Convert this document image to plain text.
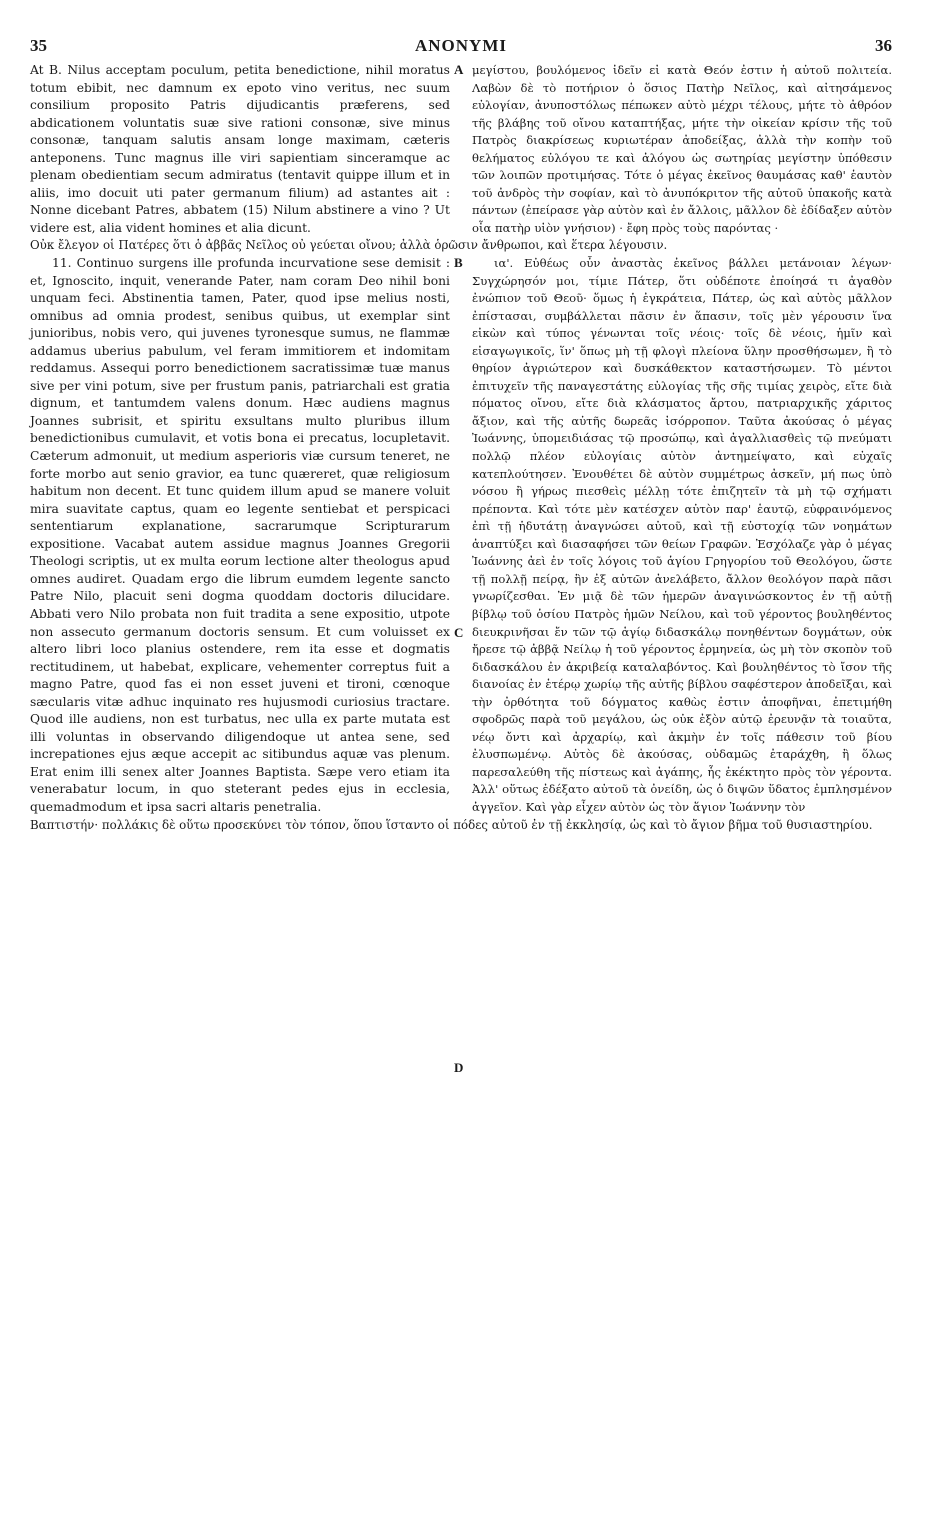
35	ANONYMI	36
A

At B. Nilus acceptam poculum, petita benedictione, nihil moratus totum ebibit, nec damnum ex epoto vino veritus, nec suum consilium proposito Patris dijudicantis præferens, sed abdicationem voluntatis suæ sive rationi consonæ, sive minus consonæ, tanquam salutis ansam longe maximam, cæteris anteponens. Tunc magnus ille viri sapientiam sinceramque ac plenam obedientiam secum admiratus (tentavit quippe illum et in aliis, imo docuit uti pater germanum filium) ad astantes ait : Nonne dicebant Patres, abbatem (15) Nilum abstinere a vino ? Ut videre est, alia vident homines et alia dicunt.

μεγίστου, βουλόμενος ἰδεῖν εἰ κατὰ Θεόν ἐστιν ἡ αὐτοῦ πολιτεία. Λαβὼν δὲ τὸ ποτήριον ὁ ὅσιος Πατὴρ Νεῖλος, καὶ αἰτησάμενος εὐλογίαν, ἀνυποστόλως πέπωκεν αὐτὸ μέχρι τέλους, μήτε τὸ ἀθρόον τῆς βλάβης τοῦ οἴνου καταπτήξας, μήτε τὴν οἰκείαν κρίσιν τῆς τοῦ Πατρὸς διακρίσεως κυριωτέραν ἀποδείξας, ἀλλὰ τὴν κοπὴν τοῦ θελήματος εὐλόγου τε καὶ ἀλόγου ὡς σωτηρίας μεγίστην ὑπόθεσιν τῶν λοιπῶν προτιμήσας. Τότε ὁ μέγας ἐκεῖνος θαυμάσας καθ' ἑαυτὸν τοῦ ἀνδρὸς τὴν σοφίαν, καὶ τὸ ἀνυπόκριτον τῆς αὐτοῦ ὑπακοῆς κατὰ πάντων (ἐπείρασε γὰρ αὐτὸν καὶ ἐν ἄλλοις, μᾶλλον δὲ ἐδίδαξεν αὐτὸν οἷα πατὴρ υἱὸν γνήσιον) · ἔφη πρὸς τοὺς παρόντας ·

Οὐκ ἔλεγον οἱ Πατέρες ὅτι ὁ ἀββᾶς Νεῖλος οὐ γεύεται οἴνου; ἀλλὰ ὁρῶσιν ἄνθρωποι, καὶ ἕτερα λέγουσιν.

B
C
D

11. Continuo surgens ille profunda incurvatione sese demisit : et, Ignoscito, inquit, venerande Pater, nam coram Deo nihil boni unquam feci. Abstinentia tamen, Pater, quod ipse melius nosti, omnibus ad omnia prodest, senibus quibus, ut exemplar sint junioribus, nobis vero, qui juvenes tyronesque sumus, ne flammæ addamus uberius pabulum, vel feram immitiorem et indomitam reddamus. Assequi porro benedictionem sacratissimæ tuæ manus sive per vini potum, sive per frustum panis, patriarchali est gratia dignum, et tantumdem valens donum. Hæc audiens magnus Joannes subrisit, et spiritu exsultans multo pluribus illum benedictionibus cumulavit, et votis bona ei precatus, locupletavit. Cæterum admonuit, ut medium asperioris viæ cursum teneret, ne forte morbo aut senio gravior, ea tunc quæreret, quæ religiosum habitum non decent. Et tunc quidem illum apud se manere voluit mira suavitate captus, quam eo legente sentiebat et perspicaci sententiarum explanatione, sacrarumque Scripturarum expositione. Vacabat autem assidue magnus Joannes Gregorii Theologi scriptis, ut ex multa eorum lectione alter theologus apud omnes audiret. Quadam ergo die librum eumdem legente sancto Patre Nilo, placuit seni dogma quoddam doctoris dilucidare. Abbati vero Nilo probata non fuit tradita a sene expositio, utpote non assecuto germanum doctoris sensum. Et cum voluisset ex altero libri loco planius ostendere, rem ita esse et dogmatis rectitudinem, ut habebat, explicare, vehementer correptus fuit a magno Patre, quod fas ei non esset juveni et tironi, cœnoque sæcularis vitæ adhuc inquinato res hujusmodi curiosius tractare. Quod ille audiens, non est turbatus, nec ulla ex parte mutata est illi voluntas in observando diligendoque ut antea sene, sed increpationes ejus æque accepit ac sitibundus aquæ vas plenum. Erat enim illi senex alter Joannes Baptista. Sæpe vero etiam ita venerabatur locum, in quo steterant pedes ejus in ecclesia, quemadmodum et ipsa sacri altaris penetralia.

ια'. Εὐθέως οὖν ἀναστὰς ἐκεῖνος βάλλει μετάνοιαν λέγων· Συγχώρησόν μοι, τίμιε Πάτερ, ὅτι οὐδέποτε ἐποίησά τι ἀγαθὸν ἐνώπιον τοῦ Θεοῦ· ὅμως ἡ ἐγκράτεια, Πάτερ, ὡς καὶ αὐτὸς μᾶλλον ἐπίστασαι, συμβάλλεται πᾶσιν ἐν ἅπασιν, τοῖς μὲν γέρουσιν ἵνα εἰκὼν καὶ τύπος γένωνται τοῖς νέοις· τοῖς δὲ νέοις, ἡμῖν καὶ εἰσαγωγικοῖς, ἵν' ὅπως μὴ τῇ φλογὶ πλείονα ὕλην προσθήσωμεν, ἢ τὸ θηρίον ἀγριώτερον καὶ δυσκάθεκτον καταστήσωμεν. Τὸ μέντοι ἐπιτυχεῖν τῆς παναγεστάτης εὐλογίας τῆς σῆς τιμίας χειρὸς, εἴτε διὰ πόματος οἴνου, εἴτε διὰ κλάσματος ἄρτου, πατριαρχικῆς χάριτος ἄξιον, καὶ τῆς αὐτῆς δωρεᾶς ἰσόρροπον. Ταῦτα ἀκούσας ὁ μέγας Ἰωάννης, ὑπομειδιάσας τῷ προσώπῳ, καὶ ἀγαλλιασθεὶς τῷ πνεύματι πολλῷ πλέον εὐλογίαις αὐτὸν ἀντημείψατο, καὶ εὐχαῖς κατεπλούτησεν. Ἐνουθέτει δὲ αὐτὸν συμμέτρως ἀσκεῖν, μή πως ὑπὸ νόσου ἢ γήρως πιεσθεὶς μέλλῃ τότε ἐπιζητεῖν τὰ μὴ τῷ σχήματι πρέποντα. Καὶ τότε μὲν κατέσχεν αὐτὸν παρ' ἑαυτῷ, εὐφραινόμενος ἐπὶ τῇ ἡδυτάτῃ ἀναγνώσει αὐτοῦ, καὶ τῇ εὐστοχίᾳ τῶν νοημάτων ἀναπτύξει καὶ διασαφήσει τῶν θείων Γραφῶν. Ἐσχόλαζε γὰρ ὁ μέγας Ἰωάννης ἀεὶ ἐν τοῖς λόγοις τοῦ ἁγίου Γρηγορίου τοῦ Θεολόγου, ὥστε τῇ πολλῇ πείρᾳ, ἣν ἐξ αὐτῶν ἀνελάβετο, ἄλλον θεολόγον παρὰ πᾶσι γνωρίζεσθαι. Ἐν μιᾷ δὲ τῶν ἡμερῶν ἀναγινώσκοντος ἐν τῇ αὐτῇ βίβλῳ τοῦ ὁσίου Πατρὸς ἡμῶν Νείλου, καὶ τοῦ γέροντος βουληθέντος διευκρινῆσαι ἔν τῶν τῷ ἁγίῳ διδασκάλῳ πονηθέντων δογμάτων, οὐκ ἤρεσε τῷ ἀββᾷ Νείλῳ ἡ τοῦ γέροντος ἑρμηνεία, ὡς μὴ τὸν σκοπὸν τοῦ διδασκάλου ἐν ἀκριβείᾳ καταλαβόντος. Καὶ βουληθέντος τὸ ἴσον τῆς διανοίας ἐν ἑτέρῳ χωρίῳ τῆς αὐτῆς βίβλου σαφέστερον ἀποδεῖξαι, καὶ τὴν ὀρθότητα τοῦ δόγματος καθὼς ἐστιν ἀποφῆναι, ἐπετιμήθη σφοδρῶς παρὰ τοῦ μεγάλου, ὡς οὐκ ἐξὸν αὐτῷ ἐρευνᾷν τὰ τοιαῦτα, νέῳ ὄντι καὶ ἀρχαρίῳ, καὶ ἀκμὴν ἐν τοῖς πάθεσιν τοῦ βίου ἐλυσπωμένῳ. Αὐτὸς δὲ ἀκούσας, οὐδαμῶς ἐταράχθη, ἢ ὅλως παρεσαλεύθη τῆς πίστεως καὶ ἀγάπης, ἧς ἐκέκτητο πρὸς τὸν γέροντα. Ἀλλ' οὕτως ἐδέξατο αὐτοῦ τὰ ὀνείδη, ὡς ὁ διψῶν ὕδατος ἐμπλησμένον ἀγγεῖον. Καὶ γὰρ εἶχεν αὐτὸν ὡς τὸν ἅγιον Ἰωάννην τὸν

Βαπτιστήν· πολλάκις δὲ οὕτω προσεκύνει τὸν τόπον, ὅπου ἵσταντο οἱ πόδες αὐτοῦ ἐν τῇ ἐκκλησίᾳ, ὡς καὶ τὸ ἄγιον βῆμα τοῦ θυσιαστηρίου.
